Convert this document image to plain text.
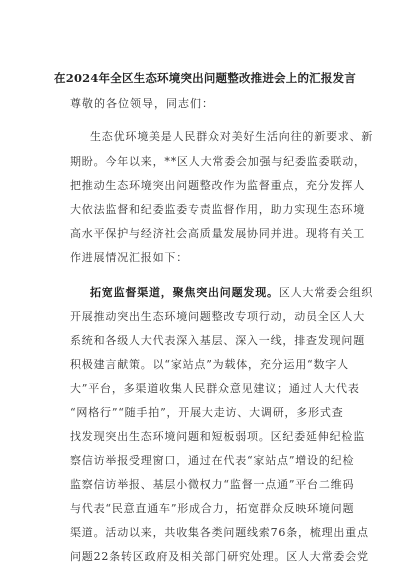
在2024年全区生态环境突出问题整改推进会上的汇报发言
尊敬的各位领导，同志们：
生态优环境美是人民群众对美好生活向往的新要求、新
期盼。今年以来，**区人大常委会加强与纪委监委联动，
把推动生态环境突出问题整改作为监督重点，充分发挥人
大依法监督和纪委监委专责监督作用，助力实现生态环境
高水平保护与经济社会高质量发展协同并进。现将有关工
作进展情况汇报如下：
拓宽监督渠道，聚焦突出问题发现。区人大常委会组织
开展推动突出生态环境问题整改专项行动，动员全区人大
系统和各级人大代表深入基层、深入一线，排查发现问题
积极建言献策。以“家站点”为载体，充分运用“数字人
大”平台，多渠道收集人民群众意见建议；通过人大代表
“网格行”“随手拍”，开展大走访、大调研，多形式查
找发现突出生态环境问题和短板弱项。区纪委延伸纪检监
察信访举报受理窗口，通过在代表“家站点”增设的纪检
监察信访举报、基层小微权力“监督一点通”平台二维码
与代表“民意直通车”形成合力，拓宽群众反映环境问题
渠道。活动以来，共收集各类问题线索76条，梳理出重点
问题22条转区政府及相关部门研究处理。区人大常委会党
